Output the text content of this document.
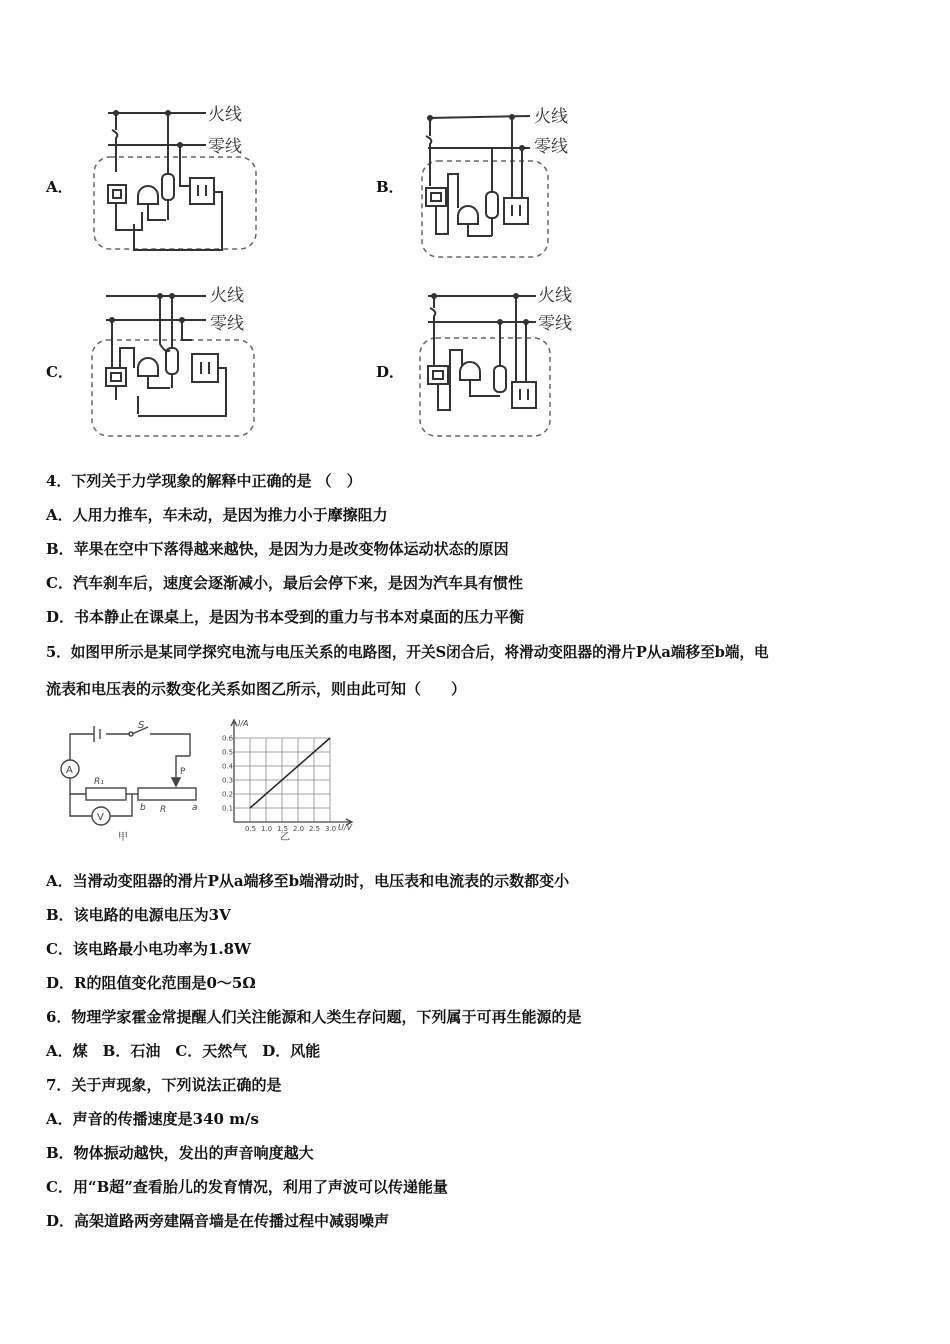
A．	B．
C．	D．
火线
零线
火线
零线
火线
零线
火线
零线
4．下列关于力学现象的解释中正确的是 （　）
A．人用力推车，车未动，是因为推力小于摩擦阻力
B．苹果在空中下落得越来越快，是因为力是改变物体运动状态的原因
C．汽车刹车后，速度会逐渐减小，最后会停下来，是因为汽车具有惯性
D．书本静止在课桌上，是因为书本受到的重力与书本对桌面的压力平衡
5．如图甲所示是某同学探究电流与电压关系的电路图，开关S闭合后，将滑动变阻器的滑片P从a端移至b端，电
流表和电压表的示数变化关系如图乙所示，则由此可知（　　）
S
A
V
R₁
R
P
a
b
甲
0.5 1.0 1.5 2.0 2.5 3.0
0.1
0.2
0.3
0.4
0.5
0.6
I/A
U/V
乙
A．当滑动变阻器的滑片P从a端移至b端滑动时，电压表和电流表的示数都变小
B．该电路的电源电压为3V
C．该电路最小电功率为1.8W
D．R的阻值变化范围是0～5Ω
6．物理学家霍金常提醒人们关注能源和人类生存问题，下列属于可再生能源的是
A．煤　B．石油　C．天然气　D．风能
7．关于声现象，下列说法正确的是
A．声音的传播速度是340 m/s
B．物体振动越快，发出的声音响度越大
C．用“B超”查看胎儿的发育情况，利用了声波可以传递能量
D．高架道路两旁建隔音墙是在传播过程中减弱噪声
